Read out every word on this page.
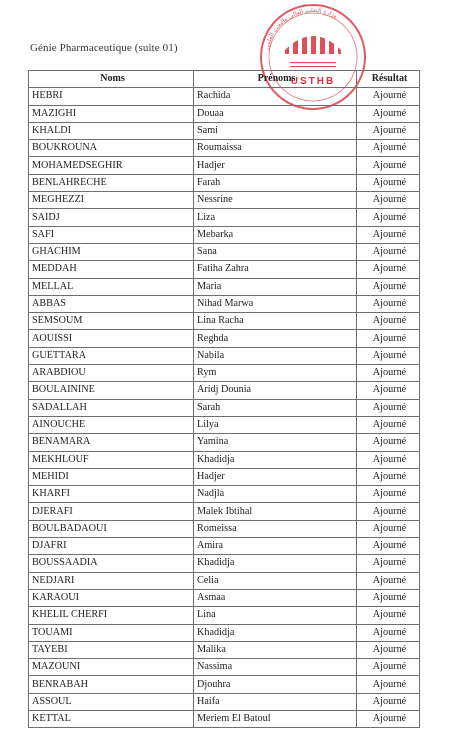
Génie Pharmaceutique (suite 01)
USTHB
وزارة التعليم العالي والبحث العلمي
Noms	Prénoms	Résultat
HEBRI	Rachida	Ajourné
MAZIGHI	Douaa	Ajourné
KHALDI	Sami	Ajourné
BOUKROUNA	Roumaissa	Ajourné
MOHAMEDSEGHIR	Hadjer	Ajourné
BENLAHRECHE	Farah	Ajourné
MEGHEZZI	Nessrine	Ajourné
SAIDJ	Liza	Ajourné
SAFI	Mebarka	Ajourné
GHACHIM	Sana	Ajourné
MEDDAH	Fatiha Zahra	Ajourné
MELLAL	Maria	Ajourné
ABBAS	Nihad Marwa	Ajourné
SEMSOUM	Lina Racha	Ajourné
AOUISSI	Reghda	Ajourné
GUETTARA	Nabila	Ajourné
ARABDIOU	Rym	Ajourné
BOULAININE	Aridj Dounia	Ajourné
SADALLAH	Sarah	Ajourné
AINOUCHE	Lilya	Ajourné
BENAMARA	Yamina	Ajourné
MEKHLOUF	Khadidja	Ajourné
MEHIDI	Hadjer	Ajourné
KHARFI	Nadjla	Ajourné
DJERAFI	Malek Ibtihal	Ajourné
BOULBADAOUI	Romeissa	Ajourné
DJAFRI	Amira	Ajourné
BOUSSAADIA	Khadidja	Ajourné
NEDJARI	Celia	Ajourné
KARAOUI	Asmaa	Ajourné
KHELIL CHERFI	Lina	Ajourné
TOUAMI	Khadidja	Ajourné
TAYEBI	Malika	Ajourné
MAZOUNI	Nassima	Ajourné
BENRABAH	Djouhra	Ajourné
ASSOUL	Haifa	Ajourné
KETTAL	Meriem El Batoul	Ajourné
